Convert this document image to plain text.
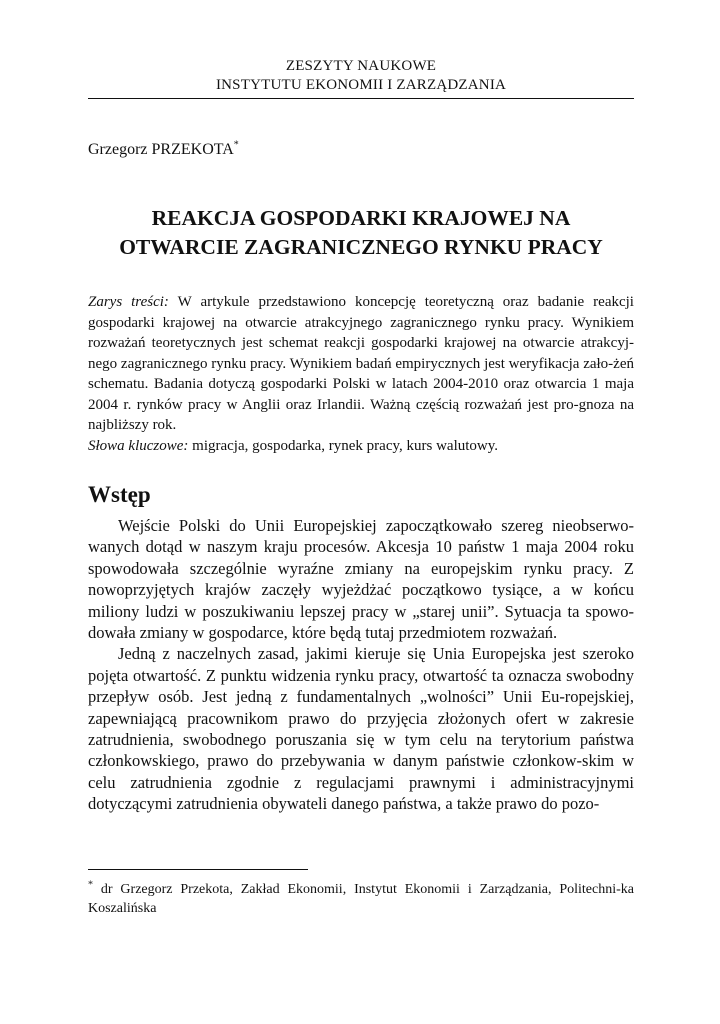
ZESZYTY NAUKOWE
INSTYTUTU EKONOMII I ZARZĄDZANIA
Grzegorz PRZEKOTA*
REAKCJA GOSPODARKI KRAJOWEJ NA
OTWARCIE ZAGRANICZNEGO RYNKU PRACY

Zarys treści: W artykule przedstawiono koncepcję teoretyczną oraz badanie reakcji gospodarki krajowej na otwarcie atrakcyjnego zagranicznego rynku pracy. Wynikiem rozważań teoretycznych jest schemat reakcji gospodarki krajowej na otwarcie atrakcyj-nego zagranicznego rynku pracy. Wynikiem badań empirycznych jest weryfikacja zało-żeń schematu. Badania dotyczą gospodarki Polski w latach 2004-2010 oraz otwarcia 1 maja 2004 r. rynków pracy w Anglii oraz Irlandii. Ważną częścią rozważań jest pro-gnoza na najbliższy rok.

Słowa kluczowe: migracja, gospodarka, rynek pracy, kurs walutowy.

Wstęp

Wejście Polski do Unii Europejskiej zapoczątkowało szereg nieobserwo-wanych dotąd w naszym kraju procesów. Akcesja 10 państw 1 maja 2004 roku spowodowała szczególnie wyraźne zmiany na europejskim rynku pracy. Z nowoprzyjętych krajów zaczęły wyjeżdżać początkowo tysiące, a w końcu miliony ludzi w poszukiwaniu lepszej pracy w „starej unii”. Sytuacja ta spowo-dowała zmiany w gospodarce, które będą tutaj przedmiotem rozważań.

Jedną z naczelnych zasad, jakimi kieruje się Unia Europejska jest szeroko pojęta otwartość. Z punktu widzenia rynku pracy, otwartość ta oznacza swobodny przepływ osób. Jest jedną z fundamentalnych „wolności” Unii Eu-ropejskiej, zapewniającą pracownikom prawo do przyjęcia złożonych ofert w zakresie zatrudnienia, swobodnego poruszania się w tym celu na terytorium państwa członkowskiego, prawo do przebywania w danym państwie członkow-skim w celu zatrudnienia zgodnie z regulacjami prawnymi i administracyjnymi dotyczącymi zatrudnienia obywateli danego państwa, a także prawo do pozo-

* dr Grzegorz Przekota, Zakład Ekonomii, Instytut Ekonomii i Zarządzania, Politechni-ka Koszalińska
